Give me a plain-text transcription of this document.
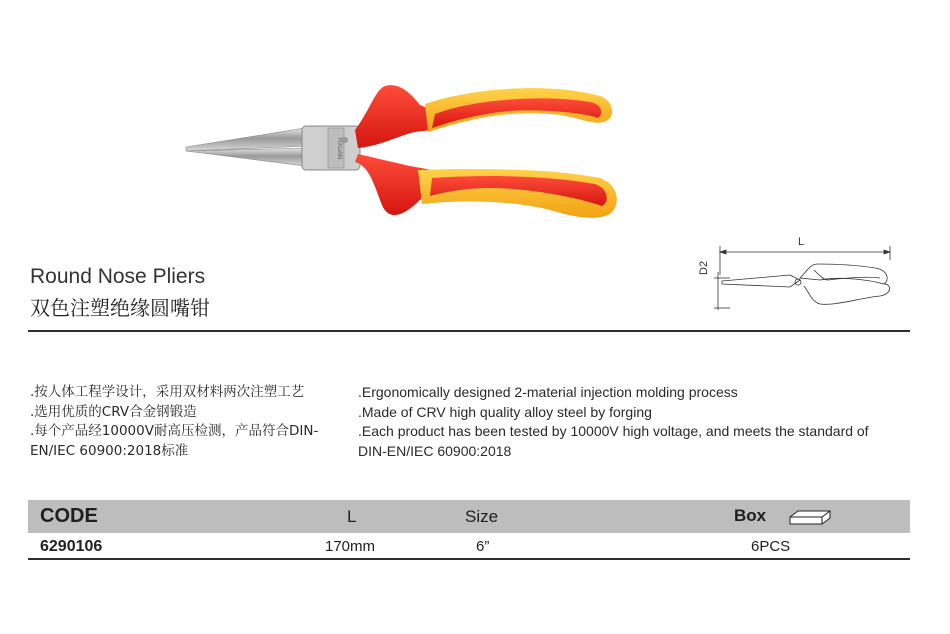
YIXUAN
Round Nose Pliers
双色注塑绝缘圆嘴钳
L
D2
.按人体工程学设计，采用双材料两次注塑工艺
.选用优质的CRV合金钢锻造
.每个产品经10000V耐高压检测，产品符合DIN-
EN/IEC 60900:2018标准
.Ergonomically designed 2-material injection molding process
.Made of CRV high quality alloy steel by forging
.Each product has been tested by 10000V high voltage, and meets the standard of
DIN-EN/IEC 60900:2018
CODE	L	Size	Box
6290106	170mm	6”	6PCS
